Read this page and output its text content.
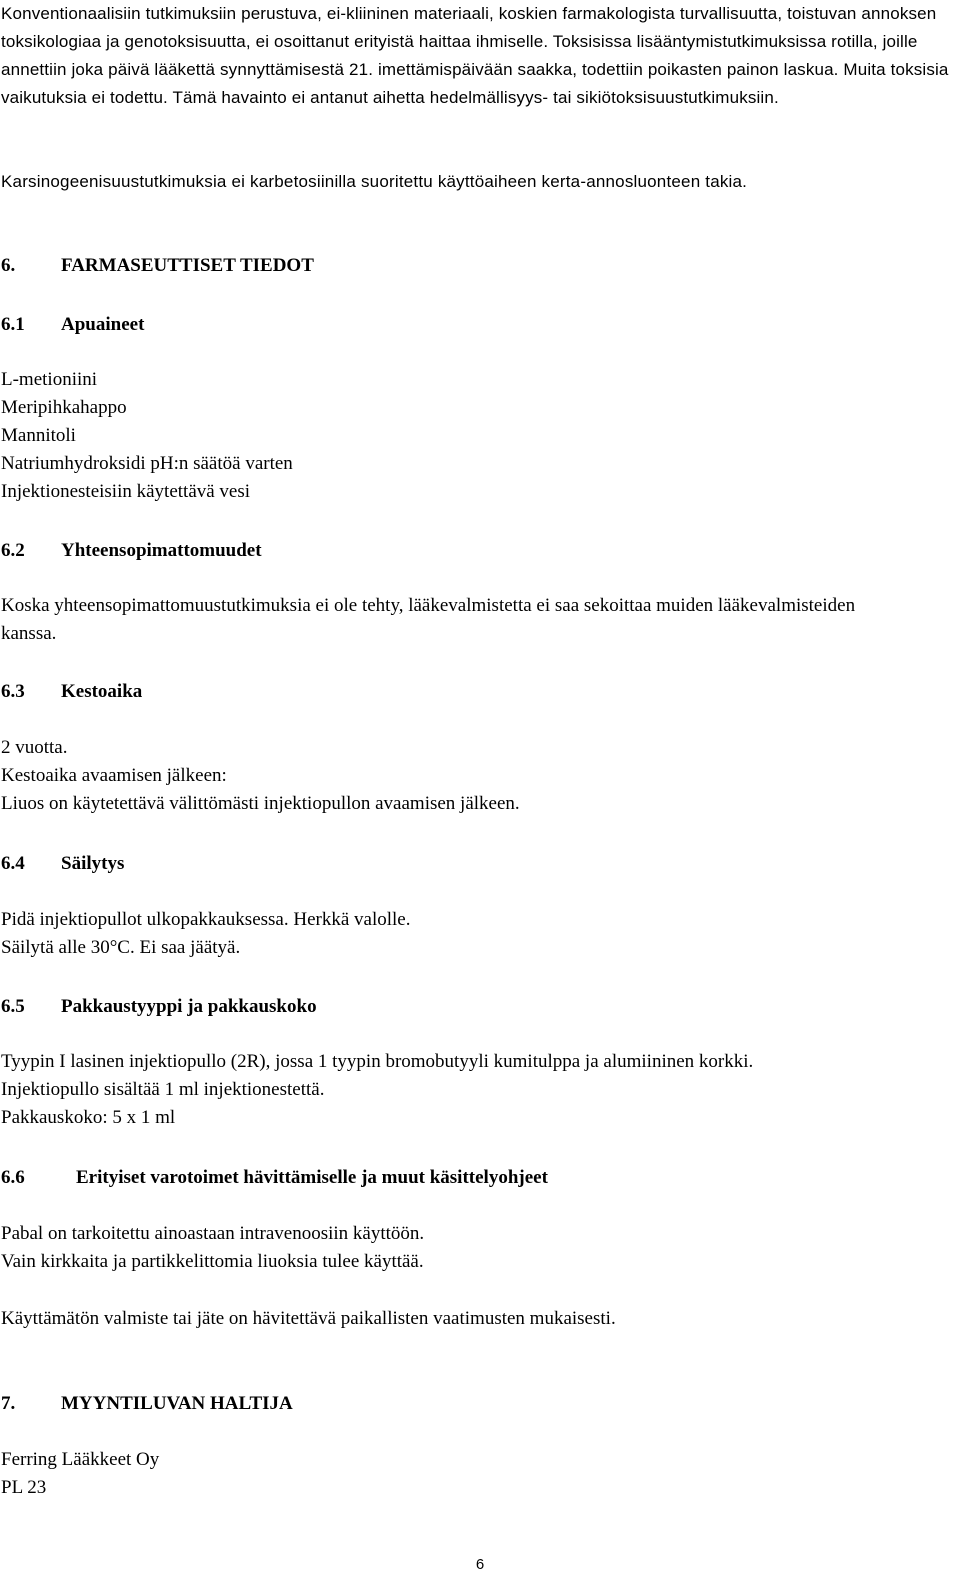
Konventionaalisiin tutkimuksiin perustuva, ei-kliininen materiaali, koskien farmakologista turvallisuutta, toistuvan annoksen toksikologiaa ja genotoksisuutta, ei osoittanut erityistä haittaa ihmiselle. Toksisissa lisääntymistutkimuksissa rotilla, joille annettiin joka päivä lääkettä synnyttämisestä 21. imettämispäivään saakka, todettiin poikasten painon laskua. Muita toksisia vaikutuksia ei todettu. Tämä havainto ei antanut aihetta hedelmällisyys- tai sikiötoksisuustutkimuksiin.

Karsinogeenisuustutkimuksia ei karbetosiinilla suoritettu käyttöaiheen kerta-annosluonteen takia.

6. FARMASEUTTISET TIEDOT
6.1 Apuaineet

L-metioniini

Meripihkahappo

Mannitoli

Natriumhydroksidi pH:n säätöä varten

Injektionesteisiin käytettävä vesi

6.2 Yhteensopimattomuudet

Koska yhteensopimattomuustutkimuksia ei ole tehty, lääkevalmistetta ei saa sekoittaa muiden lääkevalmisteiden kanssa.

6.3 Kestoaika

2 vuotta.

Kestoaika avaamisen jälkeen:

Liuos on käytetettävä välittömästi injektiopullon avaamisen jälkeen.

6.4 Säilytys

Pidä injektiopullot ulkopakkauksessa. Herkkä valolle.

Säilytä alle 30°C. Ei saa jäätyä.

6.5 Pakkaustyyppi ja pakkauskoko

Tyypin I lasinen injektiopullo (2R), jossa 1 tyypin bromobutyyli kumitulppa ja alumiininen korkki.

Injektiopullo sisältää 1 ml injektionestettä.

Pakkauskoko: 5 x 1 ml

6.6	Erityiset varotoimet hävittämiselle ja muut käsittelyohjeet

Pabal on tarkoitettu ainoastaan intravenoosiin käyttöön.

Vain kirkkaita ja partikkelittomia liuoksia tulee käyttää.

Käyttämätön valmiste tai jäte on hävitettävä paikallisten vaatimusten mukaisesti.

7. MYYNTILUVAN HALTIJA

Ferring Lääkkeet Oy

PL 23

6
